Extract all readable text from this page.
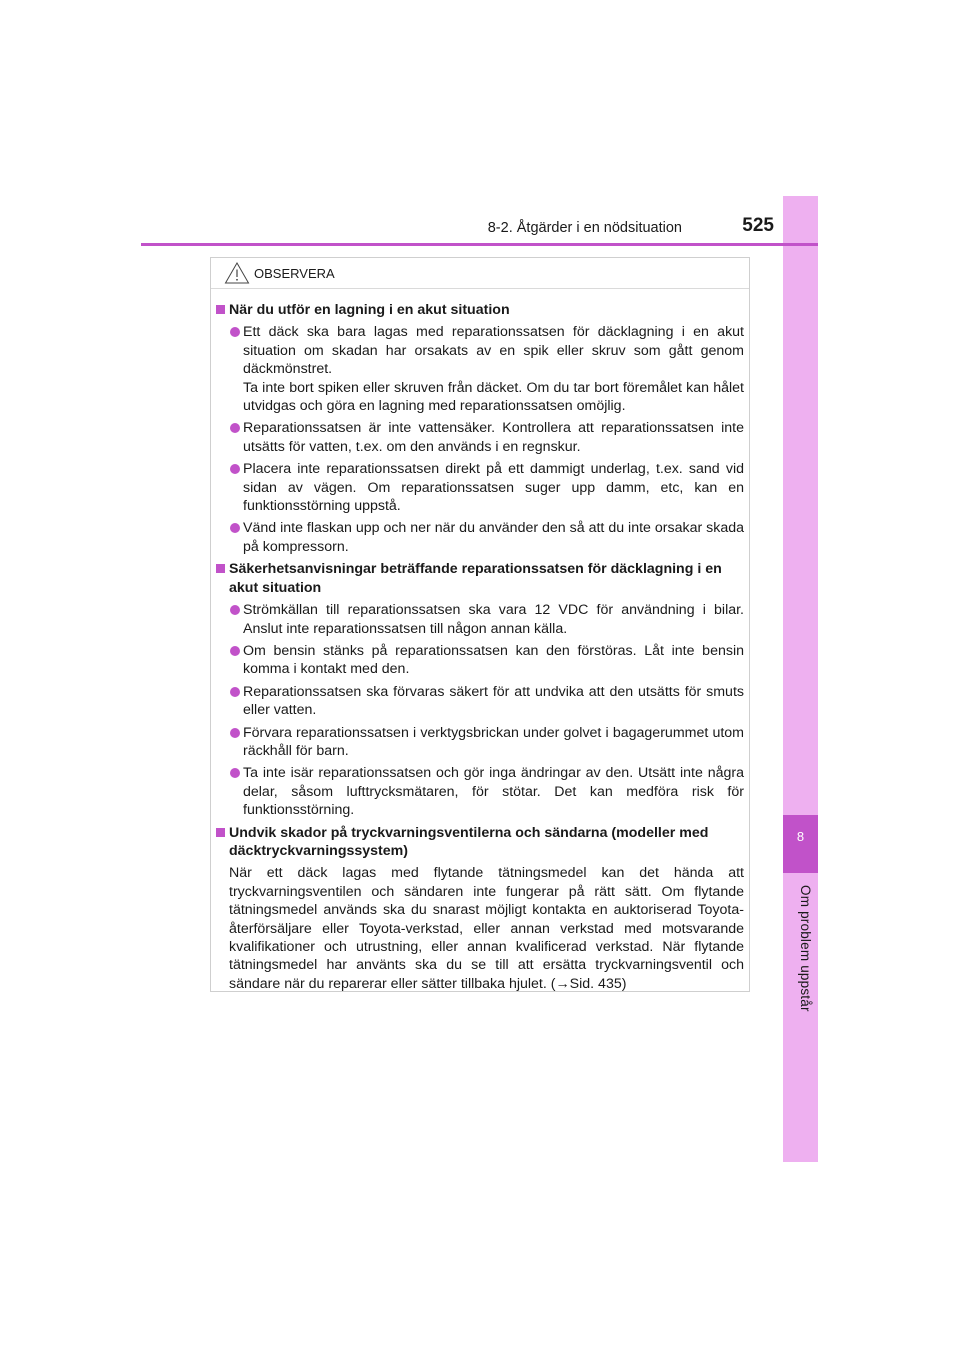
8
Om problem uppstår
8-2. Åtgärder i en nödsituation	525
OBSERVERA
När du utför en lagning i en akut situation
Ett däck ska bara lagas med reparationssatsen för däcklagning i en akut situation om skadan har orsakats av en spik eller skruv som gått genom däckmönstret.
Ta inte bort spiken eller skruven från däcket. Om du tar bort föremålet kan hålet utvidgas och göra en lagning med reparationssatsen omöjlig.
Reparationssatsen är inte vattensäker. Kontrollera att reparationssatsen inte utsätts för vatten, t.ex. om den används i en regnskur.
Placera inte reparationssatsen direkt på ett dammigt underlag, t.ex. sand vid sidan av vägen. Om reparationssatsen suger upp damm, etc, kan en funktionsstörning uppstå.
Vänd inte flaskan upp och ner när du använder den så att du inte orsakar skada på kompressorn.
Säkerhetsanvisningar beträffande reparationssatsen för däcklagning i en akut situation
Strömkällan till reparationssatsen ska vara 12 VDC för användning i bilar. Anslut inte reparationssatsen till någon annan källa.
Om bensin stänks på reparationssatsen kan den förstöras. Låt inte bensin komma i kontakt med den.
Reparationssatsen ska förvaras säkert för att undvika att den utsätts för smuts eller vatten.
Förvara reparationssatsen i verktygsbrickan under golvet i bagagerummet utom räckhåll för barn.
Ta inte isär reparationssatsen och gör inga ändringar av den. Utsätt inte några delar, såsom lufttrycksmätaren, för stötar. Det kan medföra risk för funktionsstörning.
Undvik skador på tryckvarningsventilerna och sändarna (modeller med däcktryckvarningssystem)
När ett däck lagas med flytande tätningsmedel kan det hända att tryckvarningsventilen och sändaren inte fungerar på rätt sätt. Om flytande tätningsmedel används ska du snarast möjligt kontakta en auktoriserad Toyota-återförsäljare eller Toyota-verkstad, eller annan verkstad med motsvarande kvalifikationer och utrustning, eller annan kvalificerad verkstad. När flytande tätningsmedel har använts ska du se till att ersätta tryckvarningsventil och sändare när du reparerar eller sätter tillbaka hjulet. (→Sid. 435)
